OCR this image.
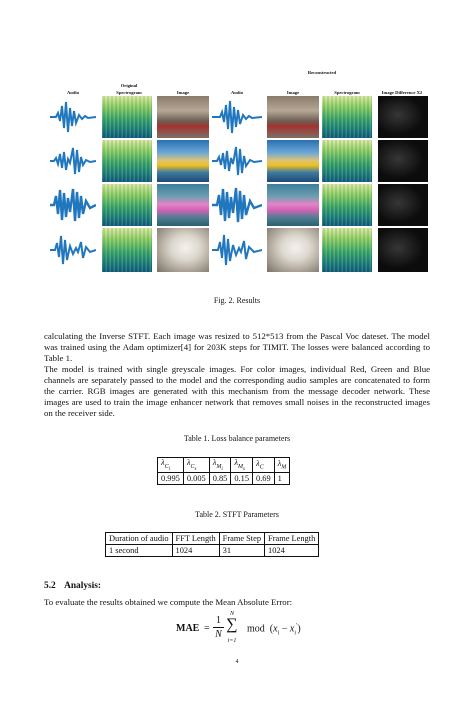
Original
Reconstructed
Audio	Spectrogram	Image	Audio	Image	Spectrogram	Image Difference X2
Fig. 2. Results
calculating the Inverse STFT. Each image was resized to 512*513 from the Pascal Voc dateset. The model was trained using the Adam optimizer[4] for 203K steps for TIMIT. The losses were balanced according to Table 1.
The model is trained with single greyscale images. For color images, individual Red, Green and Blue channels are separately passed to the model and the corresponding audio samples are concatenated to form the carrier. RGB images are generated with this mechanism from the message decoder network. These images are used to train the image enhancer network that removes small noises in the reconstructed images on the receiver side.
Table 1. Loss balance parameters
$\lambda_{C_i}$	$\lambda_{C_s}$	$\lambda_{M_i}$	$\lambda_{M_s}$	$\lambda_C$	$\lambda_M$
0.995	0.005	0.85	0.15	0.69	1
Table 2. STFT Parameters
Duration of audio	FFT Length	Frame Step	Frame Length
1 second	1024	31	1024
5.2 Analysis:
To evaluate the results obtained we compute the Mean Absolute Error:
MAE =
1
N
N
∑
i=1
mod $(x_i - x_i')$
4
